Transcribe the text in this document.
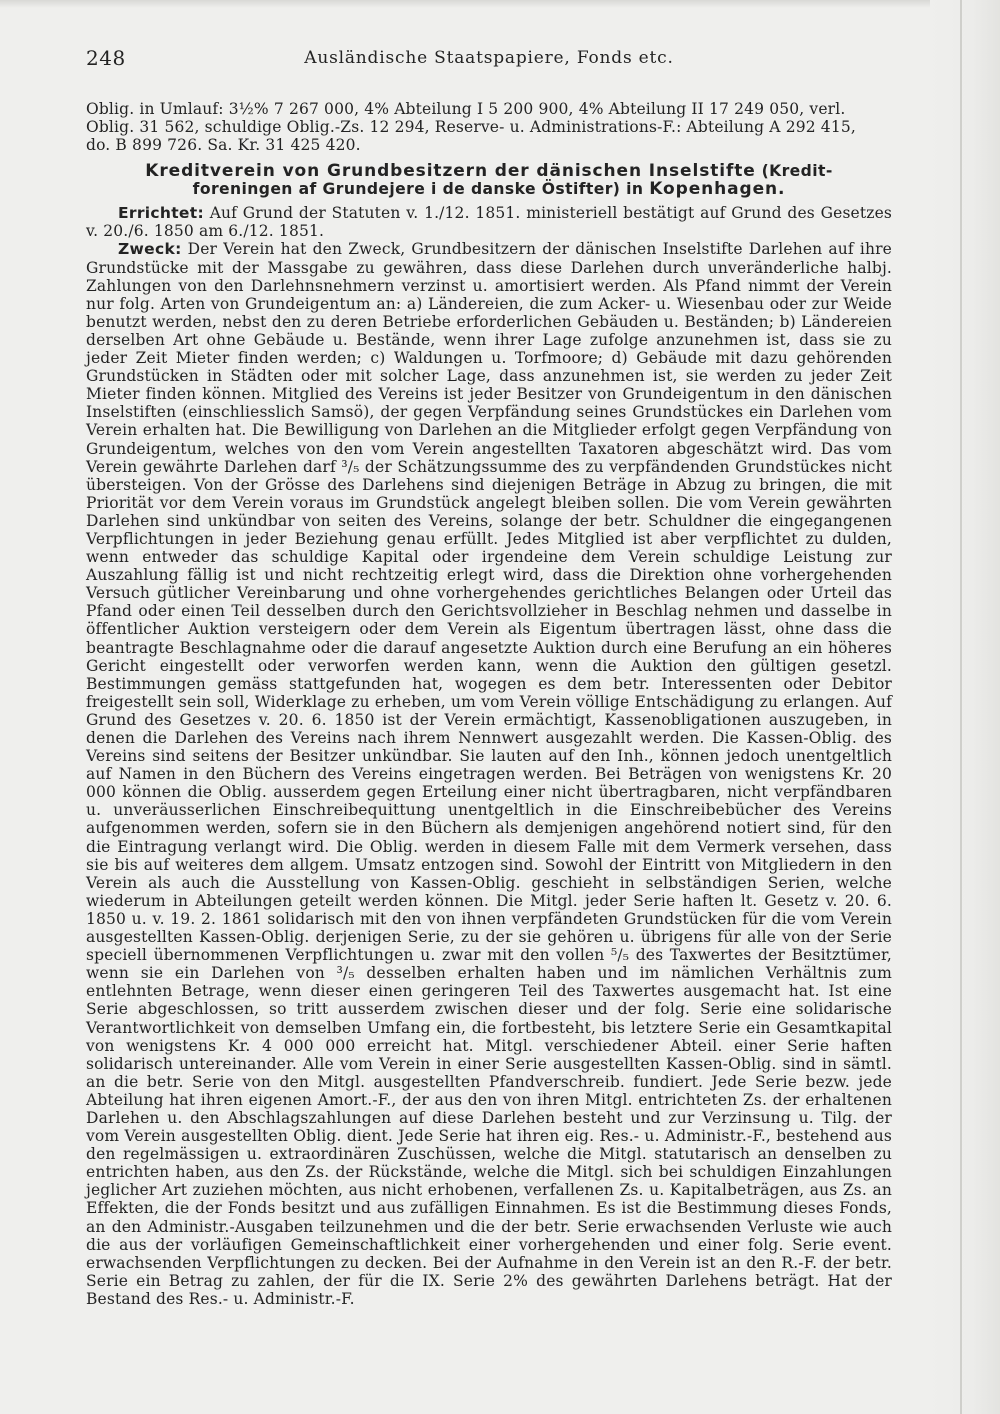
248	Ausländische Staatspapiere, Fonds etc.
Oblig. in Umlauf: 3½% 7 267 000, 4% Abteilung I 5 200 900, 4% Abteilung II 17 249 050, verl.
Oblig. 31 562, schuldige Oblig.-Zs. 12 294, Reserve- u. Administrations-F.: Abteilung A 292 415,
do. B 899 726. Sa. Kr. 31 425 420.
Kreditverein von Grundbesitzern der dänischen Inselstifte (Kredit-
foreningen af Grundejere i de danske Östifter) in Kopenhagen.

Errichtet: Auf Grund der Statuten v. 1./12. 1851. ministeriell bestätigt auf Grund des Gesetzes v. 20./6. 1850 am 6./12. 1851.

Zweck: Der Verein hat den Zweck, Grundbesitzern der dänischen Inselstifte Darlehen auf ihre Grundstücke mit der Massgabe zu gewähren, dass diese Darlehen durch unveränderliche halbj. Zahlungen von den Darlehnsnehmern verzinst u. amortisiert werden. Als Pfand nimmt der Verein nur folg. Arten von Grundeigentum an: a) Ländereien, die zum Acker- u. Wiesenbau oder zur Weide benutzt werden, nebst den zu deren Betriebe erforderlichen Gebäuden u. Beständen; b) Ländereien derselben Art ohne Gebäude u. Bestände, wenn ihrer Lage zufolge anzunehmen ist, dass sie zu jeder Zeit Mieter finden werden; c) Waldungen u. Torfmoore; d) Gebäude mit dazu gehörenden Grundstücken in Städten oder mit solcher Lage, dass anzunehmen ist, sie werden zu jeder Zeit Mieter finden können. Mitglied des Vereins ist jeder Besitzer von Grundeigentum in den dänischen Inselstiften (einschliesslich Samsö), der gegen Verpfändung seines Grundstückes ein Darlehen vom Verein erhalten hat. Die Bewilligung von Darlehen an die Mitglieder erfolgt gegen Verpfändung von Grundeigentum, welches von den vom Verein angestellten Taxatoren abgeschätzt wird. Das vom Verein gewährte Darlehen darf ³/₅ der Schätzungssumme des zu verpfändenden Grundstückes nicht übersteigen. Von der Grösse des Darlehens sind diejenigen Beträge in Abzug zu bringen, die mit Priorität vor dem Verein voraus im Grundstück angelegt bleiben sollen. Die vom Verein gewährten Darlehen sind unkündbar von seiten des Vereins, solange der betr. Schuldner die eingegangenen Verpflichtungen in jeder Beziehung genau erfüllt. Jedes Mitglied ist aber verpflichtet zu dulden, wenn entweder das schuldige Kapital oder irgendeine dem Verein schuldige Leistung zur Auszahlung fällig ist und nicht rechtzeitig erlegt wird, dass die Direktion ohne vorhergehenden Versuch gütlicher Vereinbarung und ohne vorhergehendes gerichtliches Belangen oder Urteil das Pfand oder einen Teil desselben durch den Gerichtsvollzieher in Beschlag nehmen und dasselbe in öffentlicher Auktion versteigern oder dem Verein als Eigentum übertragen lässt, ohne dass die beantragte Beschlagnahme oder die darauf angesetzte Auktion durch eine Berufung an ein höheres Gericht eingestellt oder verworfen werden kann, wenn die Auktion den gültigen gesetzl. Bestimmungen gemäss stattgefunden hat, wogegen es dem betr. Interessenten oder Debitor freigestellt sein soll, Widerklage zu erheben, um vom Verein völlige Entschädigung zu erlangen. Auf Grund des Gesetzes v. 20. 6. 1850 ist der Verein ermächtigt, Kassenobligationen auszugeben, in denen die Darlehen des Vereins nach ihrem Nennwert ausgezahlt werden. Die Kassen-Oblig. des Vereins sind seitens der Besitzer unkündbar. Sie lauten auf den Inh., können jedoch unentgeltlich auf Namen in den Büchern des Vereins eingetragen werden. Bei Beträgen von wenigstens Kr. 20 000 können die Oblig. ausserdem gegen Erteilung einer nicht übertragbaren, nicht verpfändbaren u. unveräusserlichen Einschreibequittung unentgeltlich in die Einschreibebücher des Vereins aufgenommen werden, sofern sie in den Büchern als demjenigen angehörend notiert sind, für den die Eintragung verlangt wird. Die Oblig. werden in diesem Falle mit dem Vermerk versehen, dass sie bis auf weiteres dem allgem. Umsatz entzogen sind. Sowohl der Eintritt von Mitgliedern in den Verein als auch die Ausstellung von Kassen-Oblig. geschieht in selbständigen Serien, welche wiederum in Abteilungen geteilt werden können. Die Mitgl. jeder Serie haften lt. Gesetz v. 20. 6. 1850 u. v. 19. 2. 1861 solidarisch mit den von ihnen verpfändeten Grundstücken für die vom Verein ausgestellten Kassen-Oblig. derjenigen Serie, zu der sie gehören u. übrigens für alle von der Serie speciell übernommenen Verpflichtungen u. zwar mit den vollen ⁵/₅ des Taxwertes der Besitztümer, wenn sie ein Darlehen von ³/₅ desselben erhalten haben und im nämlichen Verhältnis zum entlehnten Betrage, wenn dieser einen geringeren Teil des Taxwertes ausgemacht hat. Ist eine Serie abgeschlossen, so tritt ausserdem zwischen dieser und der folg. Serie eine solidarische Verantwortlichkeit von demselben Umfang ein, die fortbesteht, bis letztere Serie ein Gesamtkapital von wenigstens Kr. 4 000 000 erreicht hat. Mitgl. verschiedener Abteil. einer Serie haften solidarisch untereinander. Alle vom Verein in einer Serie ausgestellten Kassen-Oblig. sind in sämtl. an die betr. Serie von den Mitgl. ausgestellten Pfandverschreib. fundiert. Jede Serie bezw. jede Abteilung hat ihren eigenen Amort.-F., der aus den von ihren Mitgl. entrichteten Zs. der erhaltenen Darlehen u. den Abschlagszahlungen auf diese Darlehen besteht und zur Verzinsung u. Tilg. der vom Verein ausgestellten Oblig. dient. Jede Serie hat ihren eig. Res.- u. Administr.-F., bestehend aus den regelmässigen u. extraordinären Zuschüssen, welche die Mitgl. statutarisch an denselben zu entrichten haben, aus den Zs. der Rückstände, welche die Mitgl. sich bei schuldigen Einzahlungen jeglicher Art zuziehen möchten, aus nicht erhobenen, verfallenen Zs. u. Kapitalbeträgen, aus Zs. an Effekten, die der Fonds besitzt und aus zufälligen Einnahmen. Es ist die Bestimmung dieses Fonds, an den Administr.-Ausgaben teilzunehmen und die der betr. Serie erwachsenden Verluste wie auch die aus der vorläufigen Gemeinschaftlichkeit einer vorhergehenden und einer folg. Serie event. erwachsenden Verpflichtungen zu decken. Bei der Aufnahme in den Verein ist an den R.-F. der betr. Serie ein Betrag zu zahlen, der für die IX. Serie 2% des gewährten Darlehens beträgt. Hat der Bestand des Res.- u. Administr.-F.
